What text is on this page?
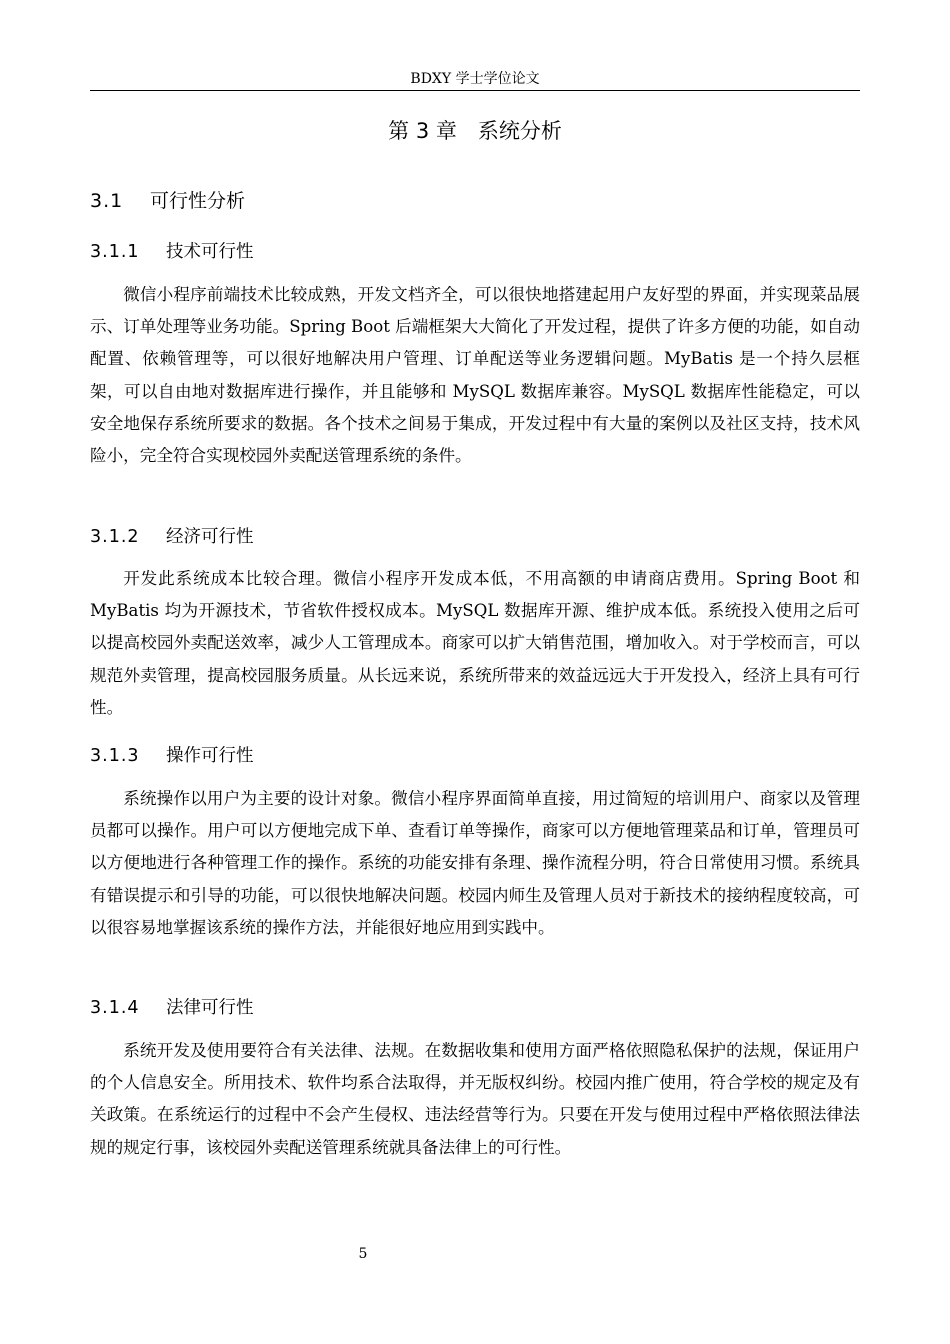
BDXY 学士学位论文
第 3 章　系统分析
3.1 可行性分析
3.1.1 技术可行性

微信小程序前端技术比较成熟，开发文档齐全，可以很快地搭建起用户友好型的界面，并实现菜品展示、订单处理等业务功能。Spring Boot 后端框架大大简化了开发过程，提供了许多方便的功能，如自动配置、依赖管理等，可以很好地解决用户管理、订单配送等业务逻辑问题。MyBatis 是一个持久层框架，可以自由地对数据库进行操作，并且能够和 MySQL 数据库兼容。MySQL 数据库性能稳定，可以安全地保存系统所要求的数据。各个技术之间易于集成，开发过程中有大量的案例以及社区支持，技术风险小，完全符合实现校园外卖配送管理系统的条件。

3.1.2 经济可行性

开发此系统成本比较合理。微信小程序开发成本低，不用高额的申请商店费用。Spring Boot 和 MyBatis 均为开源技术，节省软件授权成本。MySQL 数据库开源、维护成本低。系统投入使用之后可以提高校园外卖配送效率，减少人工管理成本。商家可以扩大销售范围，增加收入。对于学校而言，可以规范外卖管理，提高校园服务质量。从长远来说，系统所带来的效益远远大于开发投入，经济上具有可行性。

3.1.3 操作可行性

系统操作以用户为主要的设计对象。微信小程序界面简单直接，用过简短的培训用户、商家以及管理员都可以操作。用户可以方便地完成下单、查看订单等操作，商家可以方便地管理菜品和订单，管理员可以方便地进行各种管理工作的操作。系统的功能安排有条理、操作流程分明，符合日常使用习惯。系统具有错误提示和引导的功能，可以很快地解决问题。校园内师生及管理人员对于新技术的接纳程度较高，可以很容易地掌握该系统的操作方法，并能很好地应用到实践中。

3.1.4 法律可行性

系统开发及使用要符合有关法律、法规。在数据收集和使用方面严格依照隐私保护的法规，保证用户的个人信息安全。所用技术、软件均系合法取得，并无版权纠纷。校园内推广使用，符合学校的规定及有关政策。在系统运行的过程中不会产生侵权、违法经营等行为。只要在开发与使用过程中严格依照法律法规的规定行事，该校园外卖配送管理系统就具备法律上的可行性。

5
